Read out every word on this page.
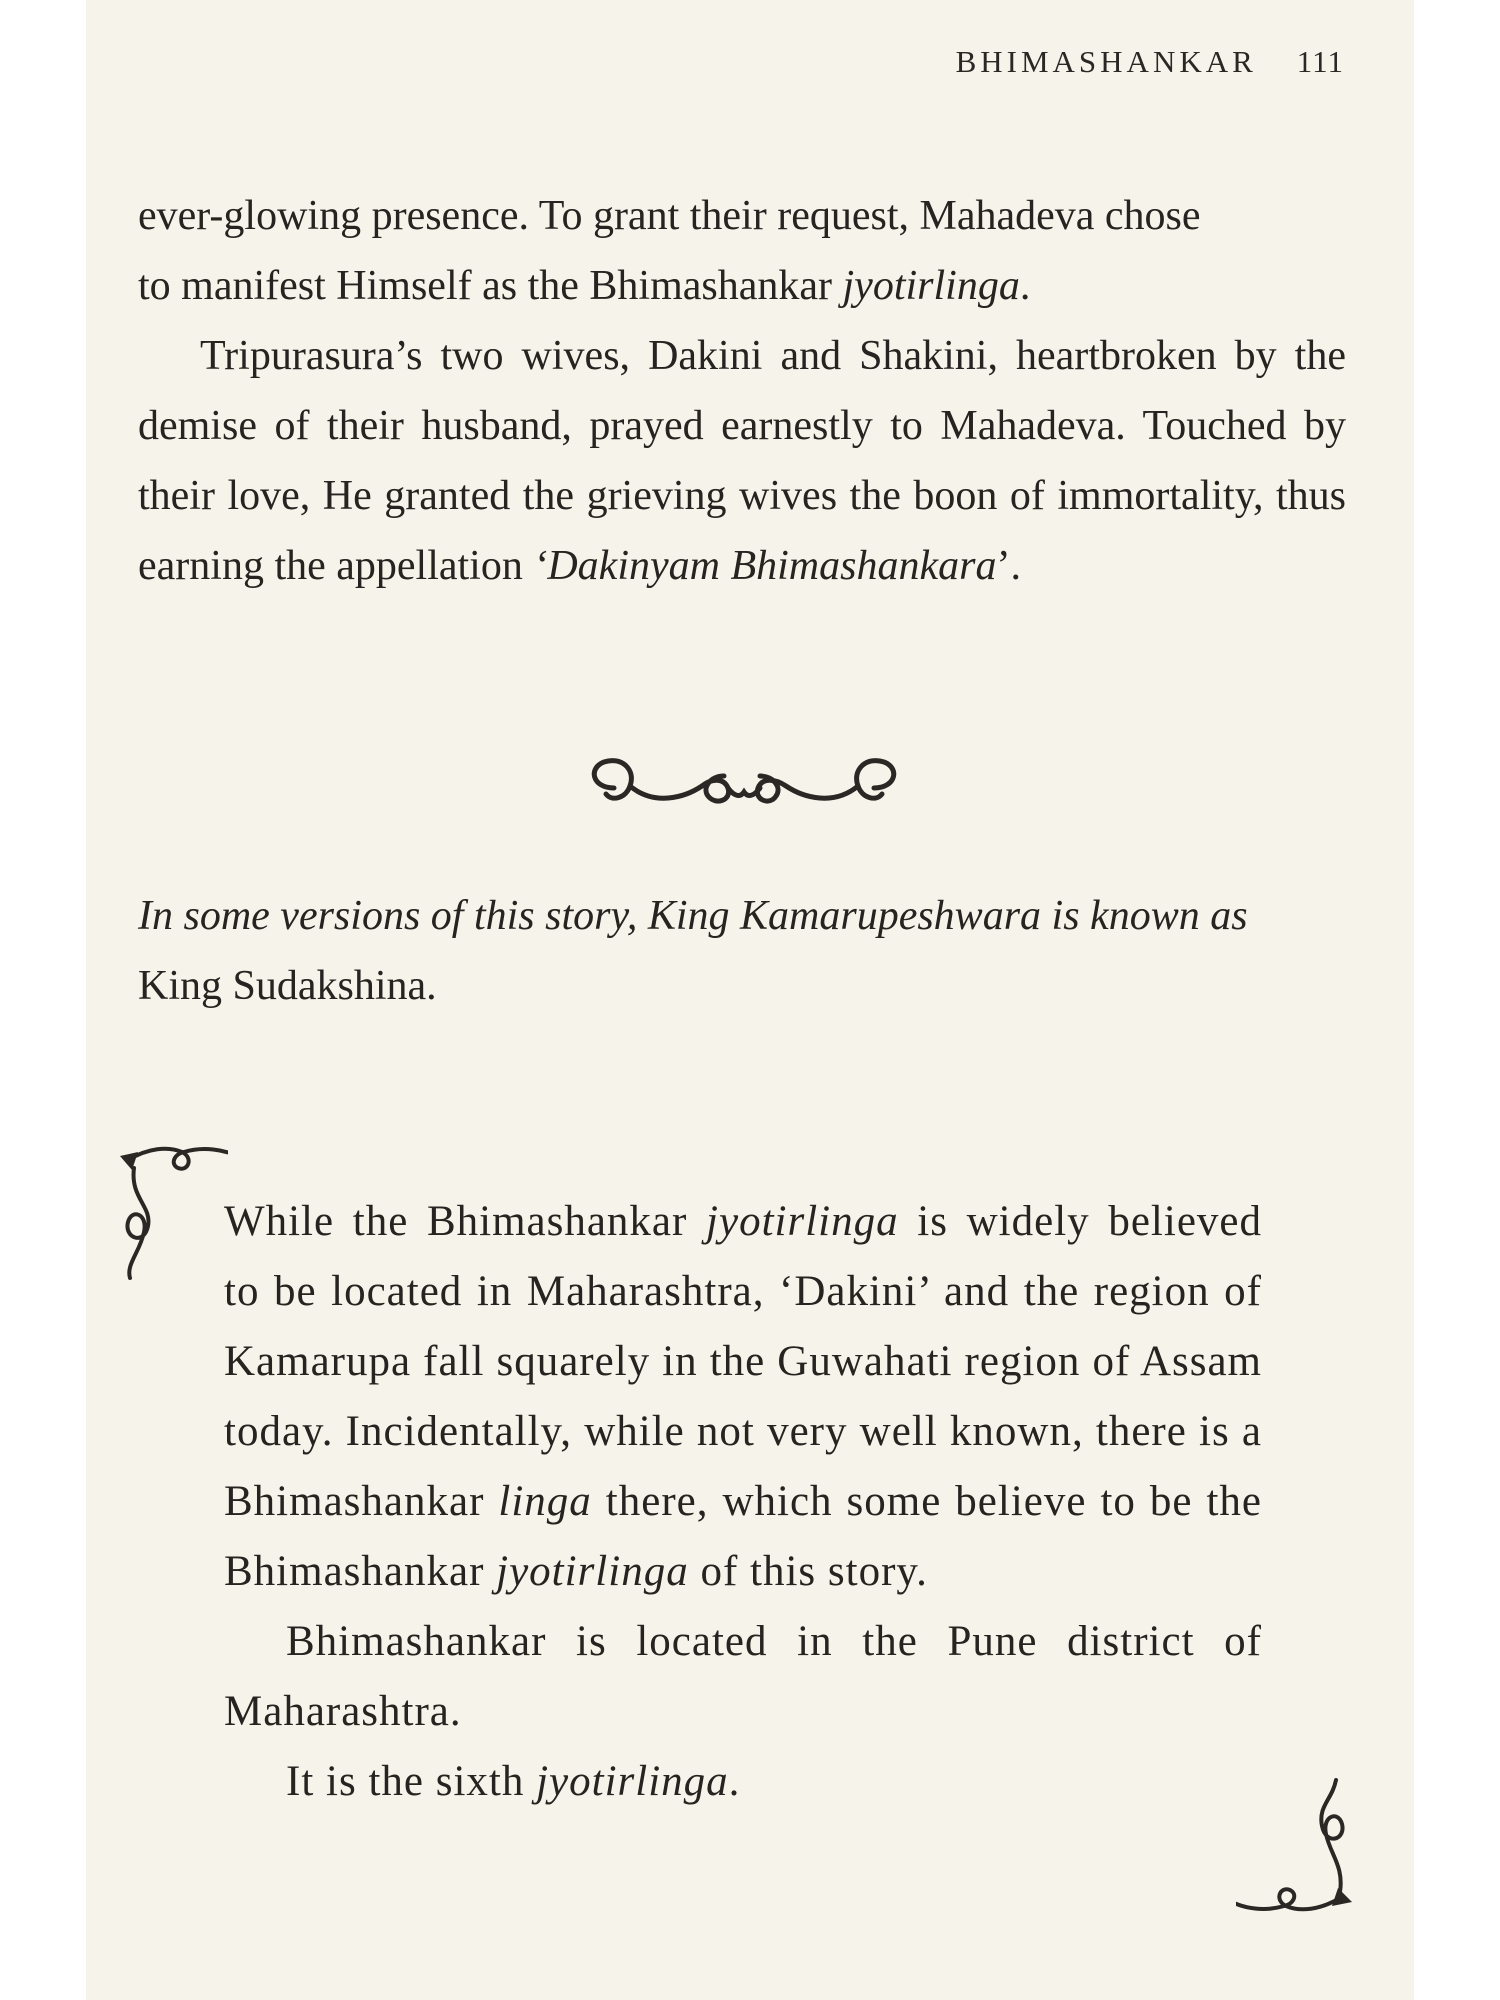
BHIMASHANKAR 111

ever-glowing presence. To grant their request, Mahadeva chose
to manifest Himself as the Bhimashankar jyotirlinga.

Tripurasura’s two wives, Dakini and Shakini, heartbroken by the demise of their husband, prayed earnestly to Mahadeva. Touched by their love, He granted the grieving wives the boon of immortality, thus earning the appellation ‘Dakinyam Bhimashankara’.

In some versions of this story, King Kamarupeshwara is known as
King Sudakshina.

While the Bhimashankar jyotirlinga is widely believed to be located in Maharashtra, ‘Dakini’ and the region of Kamarupa fall squarely in the Guwahati region of Assam today. Incidentally, while not very well known, there is a Bhimashankar linga there, which some believe to be the Bhimashankar jyotirlinga of this story.

Bhimashankar is located in the Pune district of Maharashtra.

It is the sixth jyotirlinga.
